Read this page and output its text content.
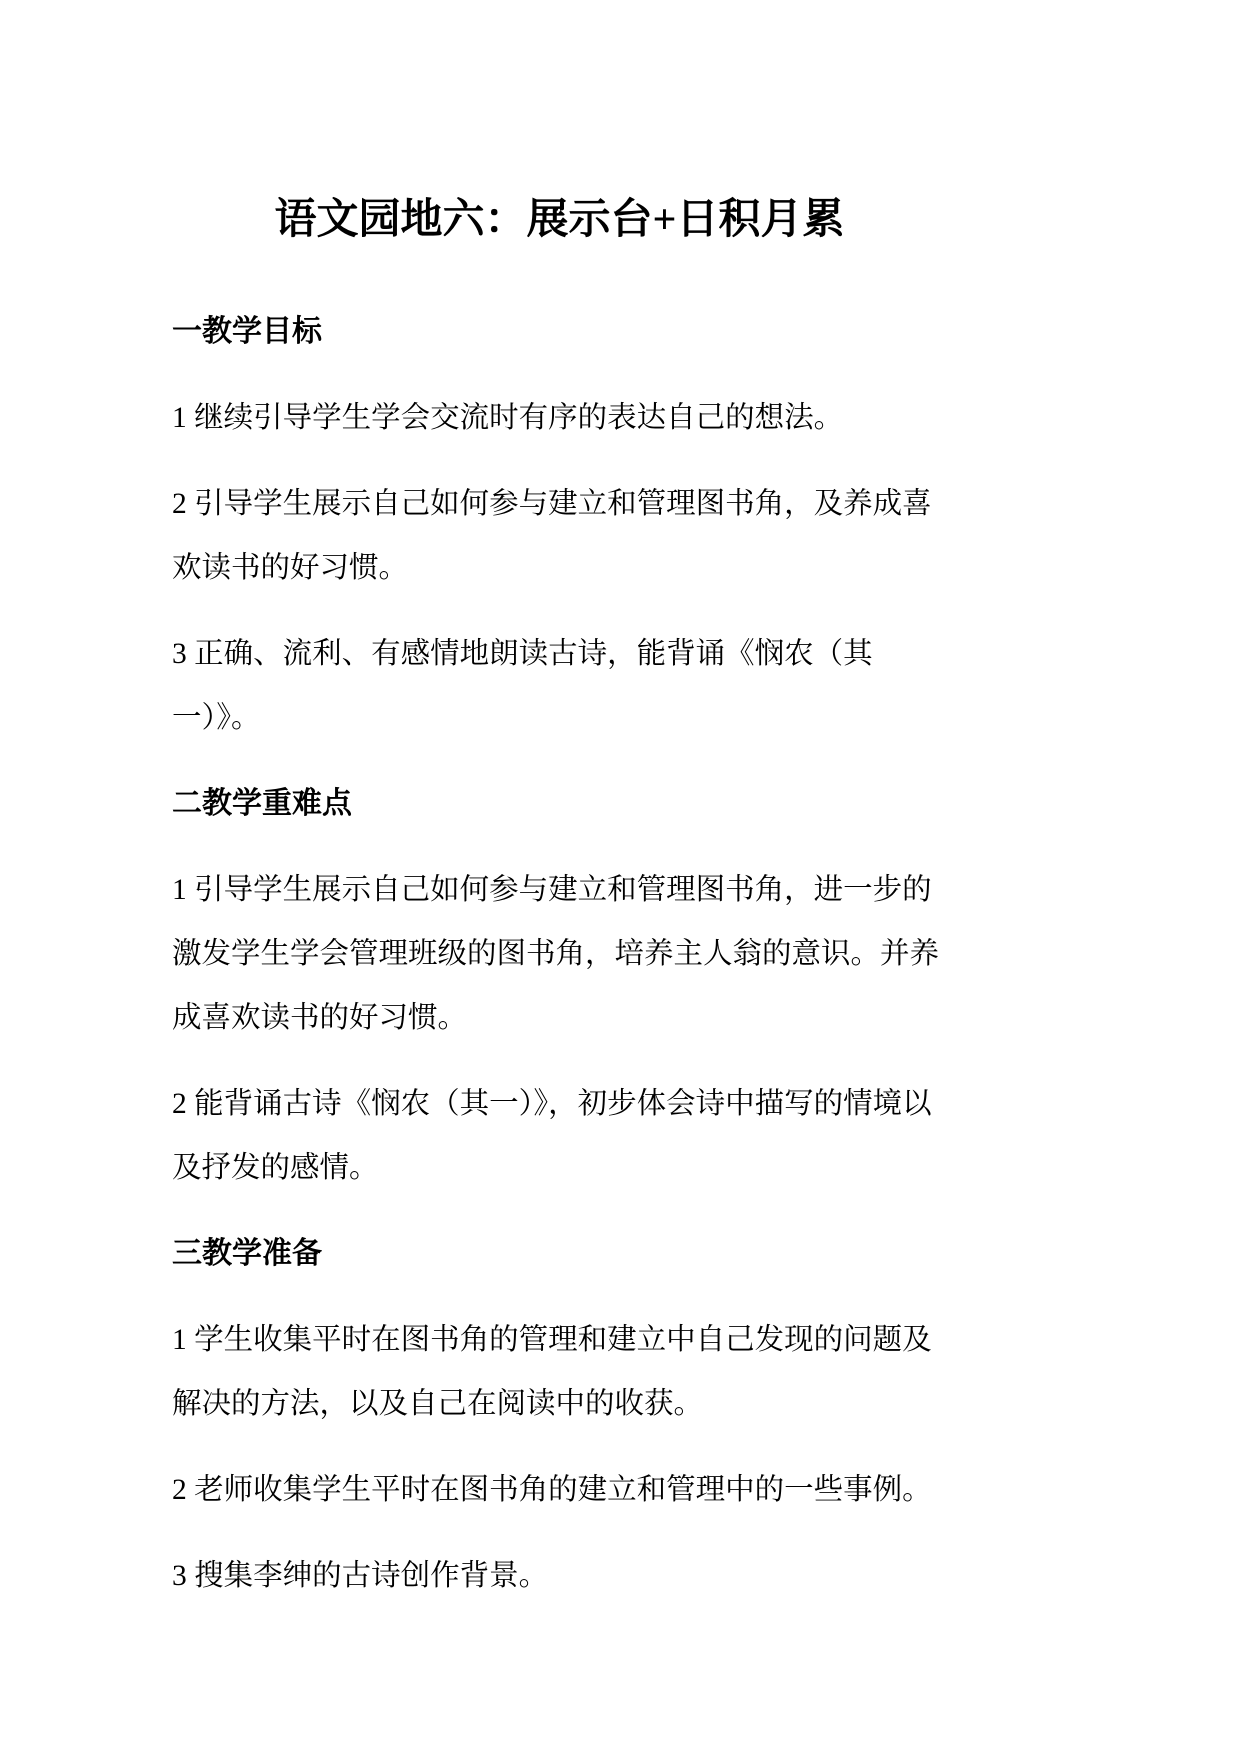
语文园地六：展示台+日积月累
一教学目标

1 继续引导学生学会交流时有序的表达自己的想法。

2 引导学生展示自己如何参与建立和管理图书角，及养成喜欢读书的好习惯。

3 正确、流利、有感情地朗读古诗，能背诵《悯农（其一）》。

二教学重难点

1 引导学生展示自己如何参与建立和管理图书角，进一步的激发学生学会管理班级的图书角，培养主人翁的意识。并养成喜欢读书的好习惯。

2 能背诵古诗《悯农（其一）》，初步体会诗中描写的情境以及抒发的感情。

三教学准备

1 学生收集平时在图书角的管理和建立中自己发现的问题及解决的方法，以及自己在阅读中的收获。

2 老师收集学生平时在图书角的建立和管理中的一些事例。

3 搜集李绅的古诗创作背景。
